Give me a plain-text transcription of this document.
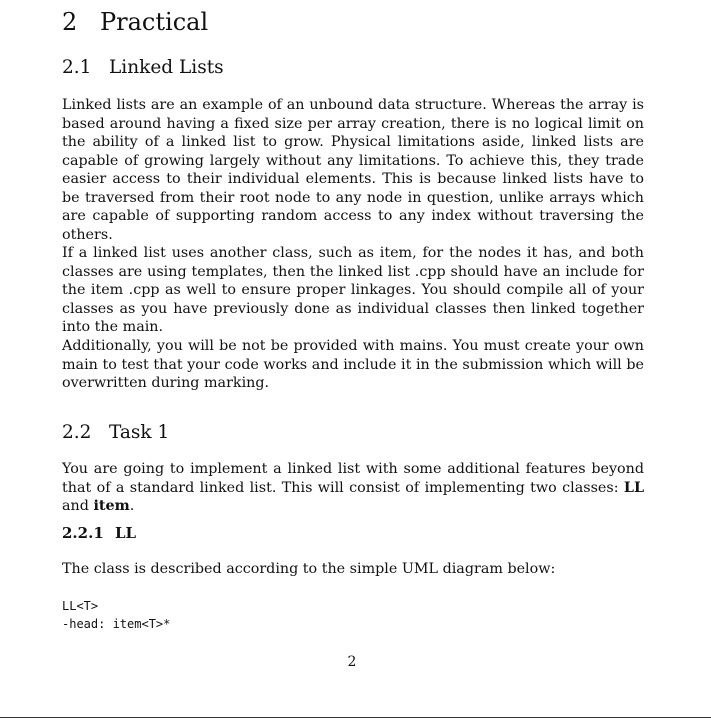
2 Practical
2.1 Linked Lists

Linked lists are an example of an unbound data structure. Whereas the array is based around having a fixed size per array creation, there is no logical limit on the ability of a linked list to grow. Physical limitations aside, linked lists are capable of growing largely without any limitations. To achieve this, they trade easier access to their individual elements. This is because linked lists have to be traversed from their root node to any node in question, unlike arrays which are capable of supporting random access to any index without traversing the others.

If a linked list uses another class, such as item, for the nodes it has, and both classes are using templates, then the linked list .cpp should have an include for the item .cpp as well to ensure proper linkages. You should compile all of your classes as you have previously done as individual classes then linked together into the main.

Additionally, you will be not be provided with mains. You must create your own main to test that your code works and include it in the submission which will be overwritten during marking.

2.2 Task 1

You are going to implement a linked list with some additional features beyond that of a standard linked list. This will consist of implementing two classes: LL and item.

2.2.1 LL

The class is described according to the simple UML diagram below:

LL<T>
-head: item<T>*
2
